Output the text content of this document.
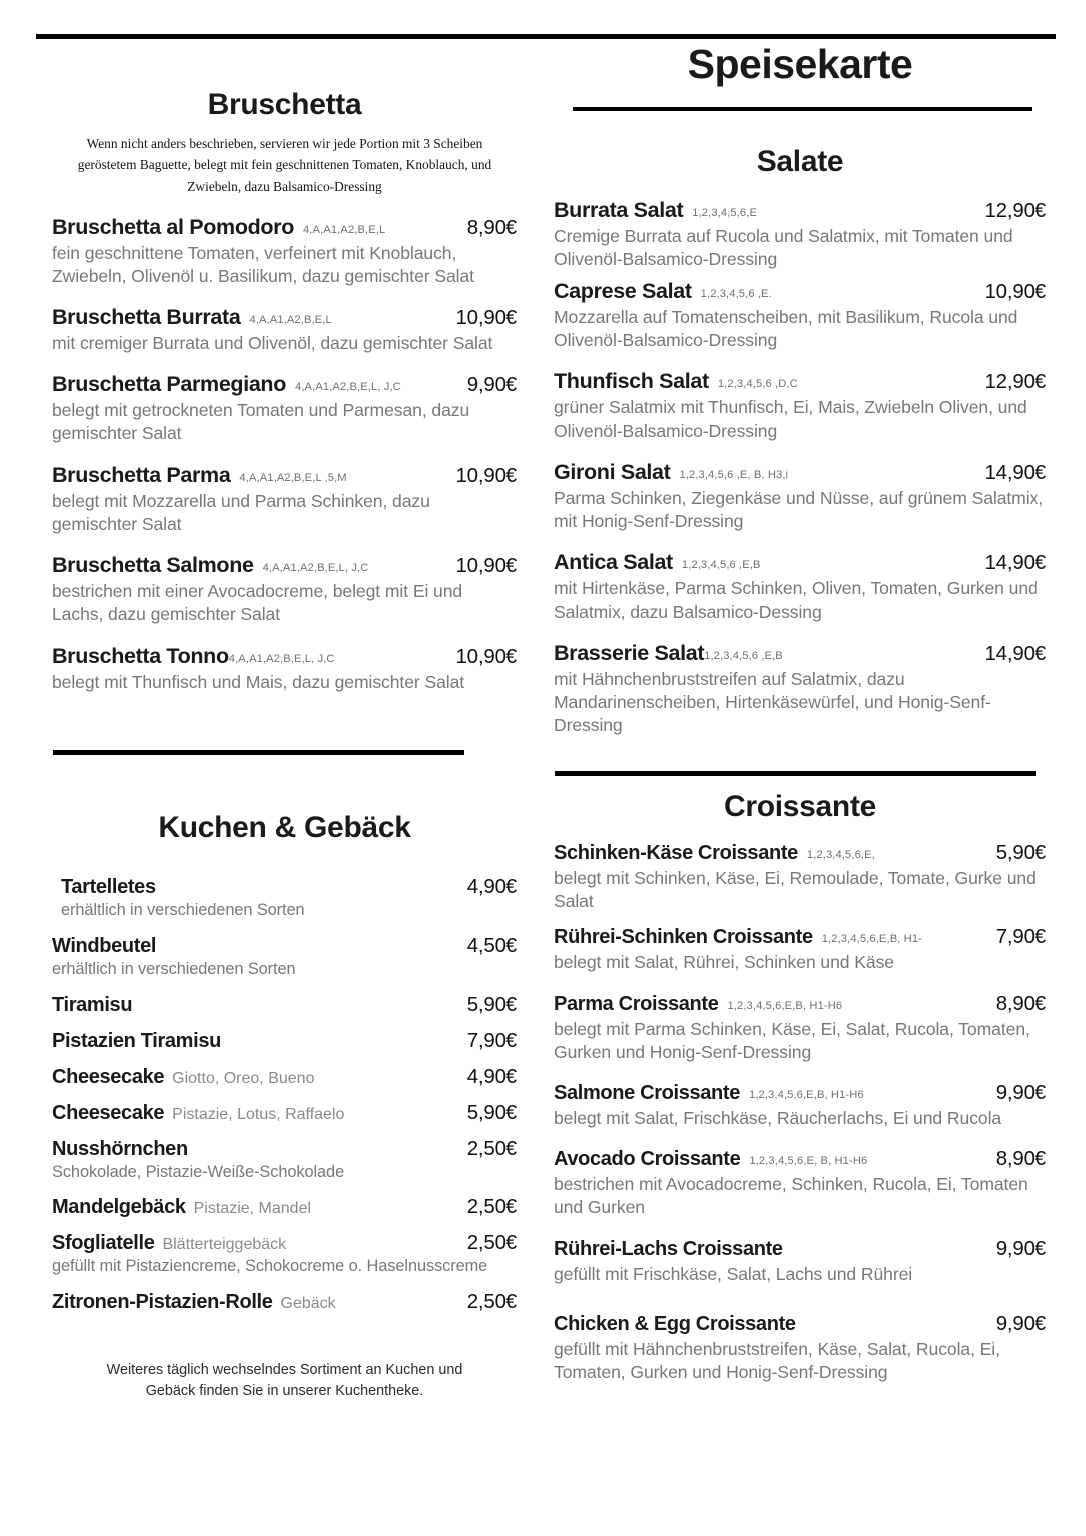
Bruschetta

Wenn nicht anders beschrieben, servieren wir jede Portion mit 3 Scheiben geröstetem Baguette, belegt mit fein geschnittenen Tomaten, Knoblauch, und Zwiebeln, dazu Balsamico-Dressing

Bruschetta al Pomodoro 4,A,A1,A2,B,E,L	8,90€
fein geschnittene Tomaten, verfeinert mit Knoblauch, Zwiebeln, Olivenöl u. Basilikum, dazu gemischter Salat
Bruschetta Burrata 4,A,A1,A2,B,E,L	10,90€
mit cremiger Burrata und Olivenöl, dazu gemischter Salat
Bruschetta Parmegiano 4,A,A1,A2,B,E,L, J,C	9,90€
belegt mit getrockneten Tomaten und Parmesan, dazu gemischter Salat
Bruschetta Parma 4,A,A1,A2,B,E,L ,5,M	10,90€
belegt mit Mozzarella und Parma Schinken, dazu gemischter Salat
Bruschetta Salmone 4,A,A1,A2,B,E,L, J,C	10,90€
bestrichen mit einer Avocadocreme, belegt mit Ei und Lachs, dazu gemischter Salat
Bruschetta Tonno 4,A,A1,A2,B,E,L, J,C	10,90€
belegt mit Thunfisch und Mais, dazu gemischter Salat
Kuchen & Gebäck
Tartelletes	4,90€
erhältlich in verschiedenen Sorten
Windbeutel	4,50€
erhältlich in verschiedenen Sorten
Tiramisu	5,90€
Pistazien Tiramisu	7,90€
Cheesecake Giotto, Oreo, Bueno	4,90€
Cheesecake Pistazie, Lotus, Raffaelo	5,90€
Nusshörnchen	2,50€
Schokolade, Pistazie-Weiße-Schokolade
Mandelgebäck Pistazie, Mandel	2,50€
Sfogliatelle Blätterteiggebäck	2,50€
gefüllt mit Pistaziencreme, Schokocreme o. Haselnusscreme
Zitronen-Pistazien-Rolle Gebäck	2,50€

Weiteres täglich wechselndes Sortiment an Kuchen und Gebäck finden Sie in unserer Kuchentheke.

Speisekarte
Salate
Burrata Salat 1,2,3,4,5,6,E	12,90€
Cremige Burrata auf Rucola und Salatmix, mit Tomaten und Olivenöl-Balsamico-Dressing
Caprese Salat 1,2,3,4,5,6 ,E.	10,90€
Mozzarella auf Tomatenscheiben, mit Basilikum, Rucola und Olivenöl-Balsamico-Dressing
Thunfisch Salat 1,2,3,4,5,6 ,D,C	12,90€
grüner Salatmix mit Thunfisch, Ei, Mais, Zwiebeln Oliven, und Olivenöl-Balsamico-Dressing
Gironi Salat 1,2,3,4,5,6 ,E, B, H3,i	14,90€
Parma Schinken, Ziegenkäse und Nüsse, auf grünem Salatmix, mit Honig-Senf-Dressing
Antica Salat 1,2,3,4,5,6 ,E,B	14,90€
mit Hirtenkäse, Parma Schinken, Oliven, Tomaten, Gurken und Salatmix, dazu Balsamico-Dessing
Brasserie Salat 1,2,3,4,5,6 ,E,B	14,90€
mit Hähnchenbruststreifen auf Salatmix, dazu Mandarinenscheiben, Hirtenkäsewürfel, und Honig-Senf-Dressing
Croissante
Schinken-Käse Croissante 1,2,3,4,5,6,E,	5,90€
belegt mit Schinken, Käse, Ei, Remoulade, Tomate, Gurke und Salat
Rührei-Schinken Croissante 1,2,3,4,5,6,E,B, H1-	7,90€
belegt mit Salat, Rührei, Schinken und Käse
Parma Croissante 1,2,3,4,5,6,E,B, H1-H6	8,90€
belegt mit Parma Schinken, Käse, Ei, Salat, Rucola, Tomaten, Gurken und Honig-Senf-Dressing
Salmone Croissante 1,2,3,4,5,6,E,B, H1-H6	9,90€
belegt mit Salat, Frischkäse, Räucherlachs, Ei und Rucola
Avocado Croissante 1,2,3,4,5,6,E, B, H1-H6	8,90€
bestrichen mit Avocadocreme, Schinken, Rucola, Ei, Tomaten und Gurken
Rührei-Lachs Croissante	9,90€
gefüllt mit Frischkäse, Salat, Lachs und Rührei
Chicken & Egg Croissante	9,90€
gefüllt mit Hähnchenbruststreifen, Käse, Salat, Rucola, Ei, Tomaten, Gurken und Honig-Senf-Dressing
